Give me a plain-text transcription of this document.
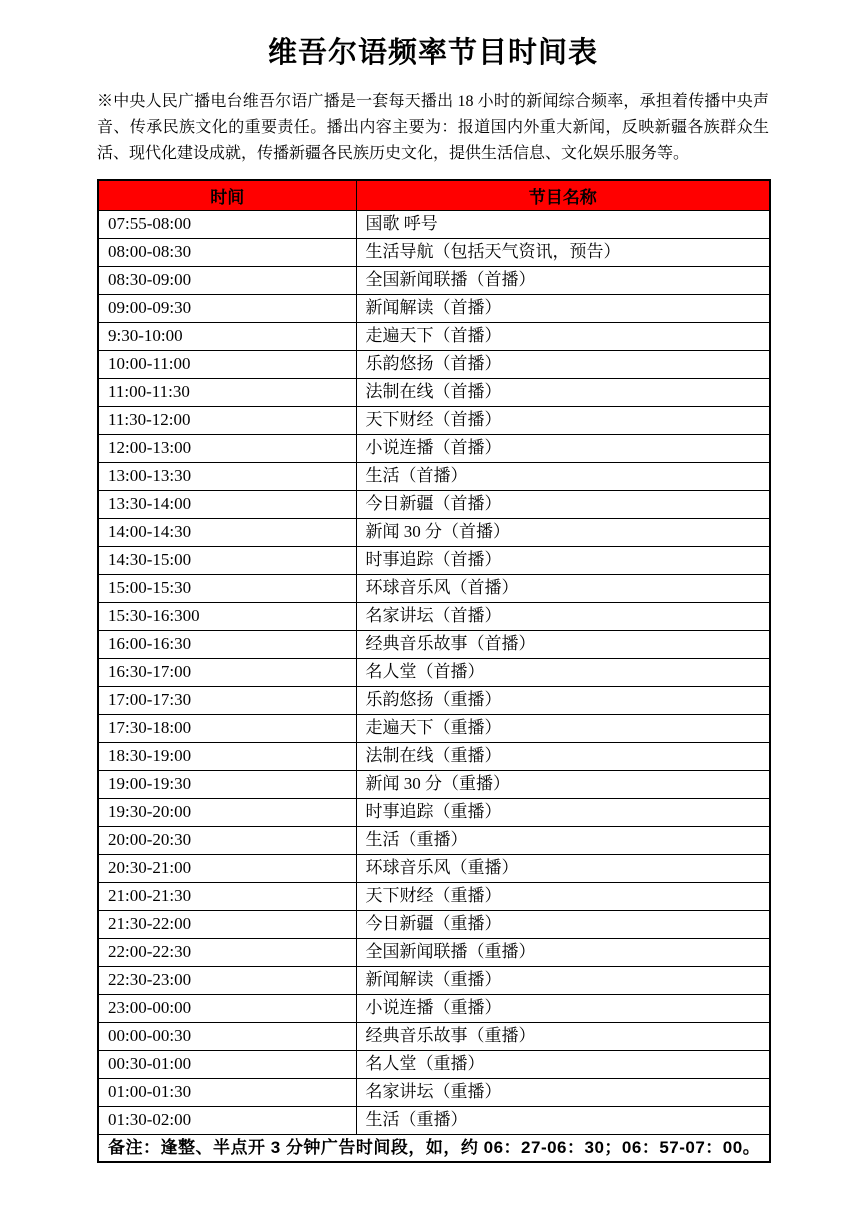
维吾尔语频率节目时间表

※中央人民广播电台维吾尔语广播是一套每天播出 18 小时的新闻综合频率，承担着传播中央声音、传承民族文化的重要责任。播出内容主要为：报道国内外重大新闻，反映新疆各族群众生活、现代化建设成就，传播新疆各民族历史文化，提供生活信息、文化娱乐服务等。

时间	节目名称
07:55-08:00	国歌 呼号
08:00-08:30	生活导航（包括天气资讯，预告）
08:30-09:00	全国新闻联播（首播）
09:00-09:30	新闻解读（首播）
9:30-10:00	走遍天下（首播）
10:00-11:00	乐韵悠扬（首播）
11:00-11:30	法制在线（首播）
11:30-12:00	天下财经（首播）
12:00-13:00	小说连播（首播）
13:00-13:30	生活（首播）
13:30-14:00	今日新疆（首播）
14:00-14:30	新闻 30 分（首播）
14:30-15:00	时事追踪（首播）
15:00-15:30	环球音乐风（首播）
15:30-16:300	名家讲坛（首播）
16:00-16:30	经典音乐故事（首播）
16:30-17:00	名人堂（首播）
17:00-17:30	乐韵悠扬（重播）
17:30-18:00	走遍天下（重播）
18:30-19:00	法制在线（重播）
19:00-19:30	新闻 30 分（重播）
19:30-20:00	时事追踪（重播）
20:00-20:30	生活（重播）
20:30-21:00	环球音乐风（重播）
21:00-21:30	天下财经（重播）
21:30-22:00	今日新疆（重播）
22:00-22:30	全国新闻联播（重播）
22:30-23:00	新闻解读（重播）
23:00-00:00	小说连播（重播）
00:00-00:30	经典音乐故事（重播）
00:30-01:00	名人堂（重播）
01:00-01:30	名家讲坛（重播）
01:30-02:00	生活（重播）
备注：逢整、半点开 3 分钟广告时间段，如，约 06：27-06：30；06：57-07：00。	
